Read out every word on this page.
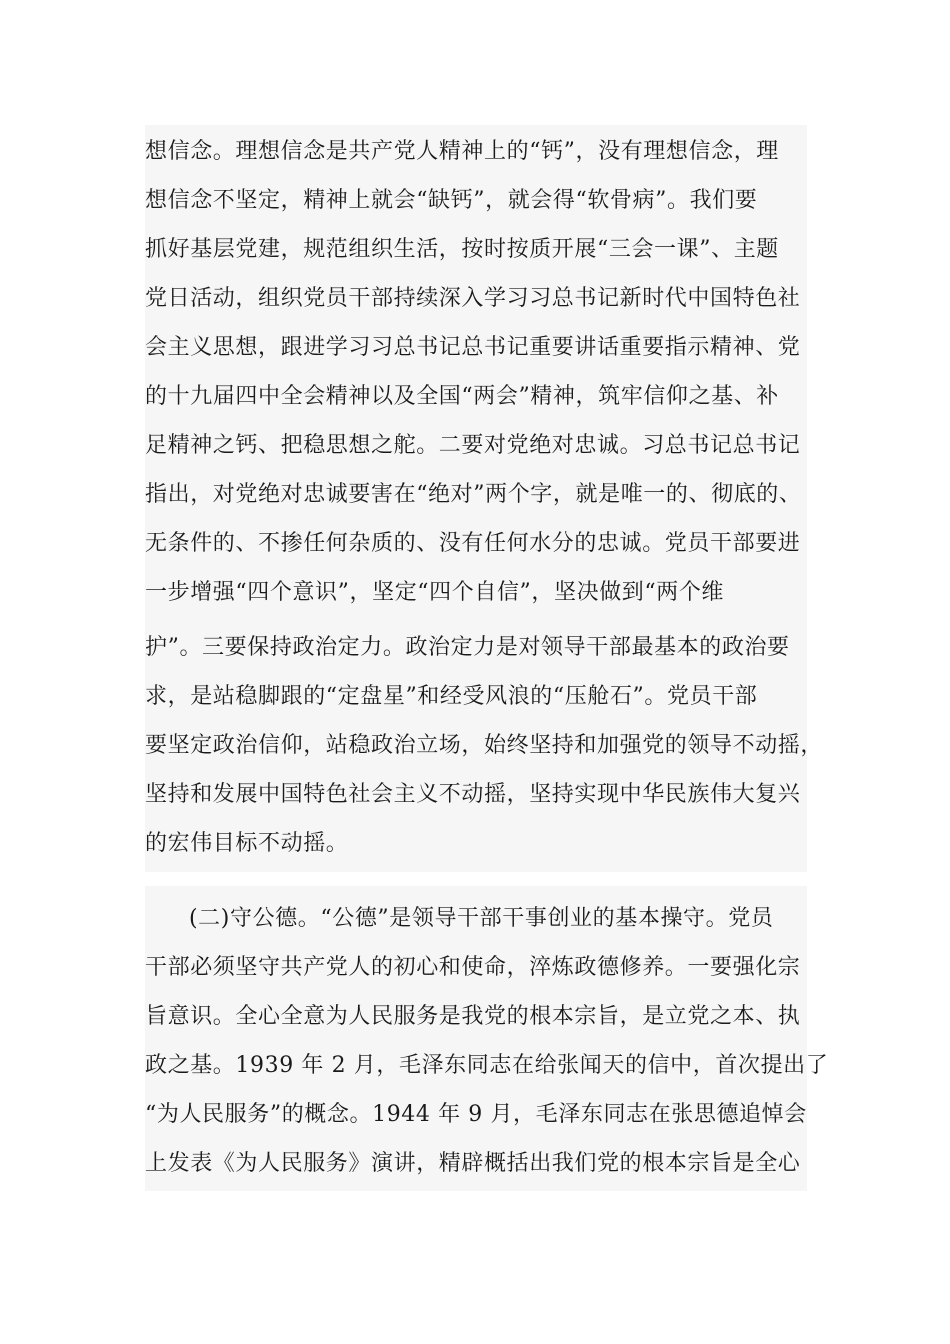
想信念。理想信念是共产党人精神上的“钙”，没有理想信念，理
想信念不坚定，精神上就会“缺钙”，就会得“软骨病”。我们要
抓好基层党建，规范组织生活，按时按质开展“三会一课”、主题
党日活动，组织党员干部持续深入学习习总书记新时代中国特色社
会主义思想，跟进学习习总书记总书记重要讲话重要指示精神、党
的十九届四中全会精神以及全国“两会”精神，筑牢信仰之基、补
足精神之钙、把稳思想之舵。二要对党绝对忠诚。习总书记总书记
指出，对党绝对忠诚要害在“绝对”两个字，就是唯一的、彻底的、
无条件的、不掺任何杂质的、没有任何水分的忠诚。党员干部要进
一步增强“四个意识”，坚定“四个自信”，坚决做到“两个维
护”。三要保持政治定力。政治定力是对领导干部最基本的政治要
求，是站稳脚跟的“定盘星”和经受风浪的“压舱石”。党员干部
要坚定政治信仰，站稳政治立场，始终坚持和加强党的领导不动摇，
坚持和发展中国特色社会主义不动摇，坚持实现中华民族伟大复兴
的宏伟目标不动摇。
(二)守公德。“公德”是领导干部干事创业的基本操守。党员
干部必须坚守共产党人的初心和使命，淬炼政德修养。一要强化宗
旨意识。全心全意为人民服务是我党的根本宗旨，是立党之本、执
政之基。1939 年 2 月，毛泽东同志在给张闻天的信中，首次提出了
“为人民服务”的概念。1944 年 9 月，毛泽东同志在张思德追悼会
上发表《为人民服务》演讲，精辟概括出我们党的根本宗旨是全心
